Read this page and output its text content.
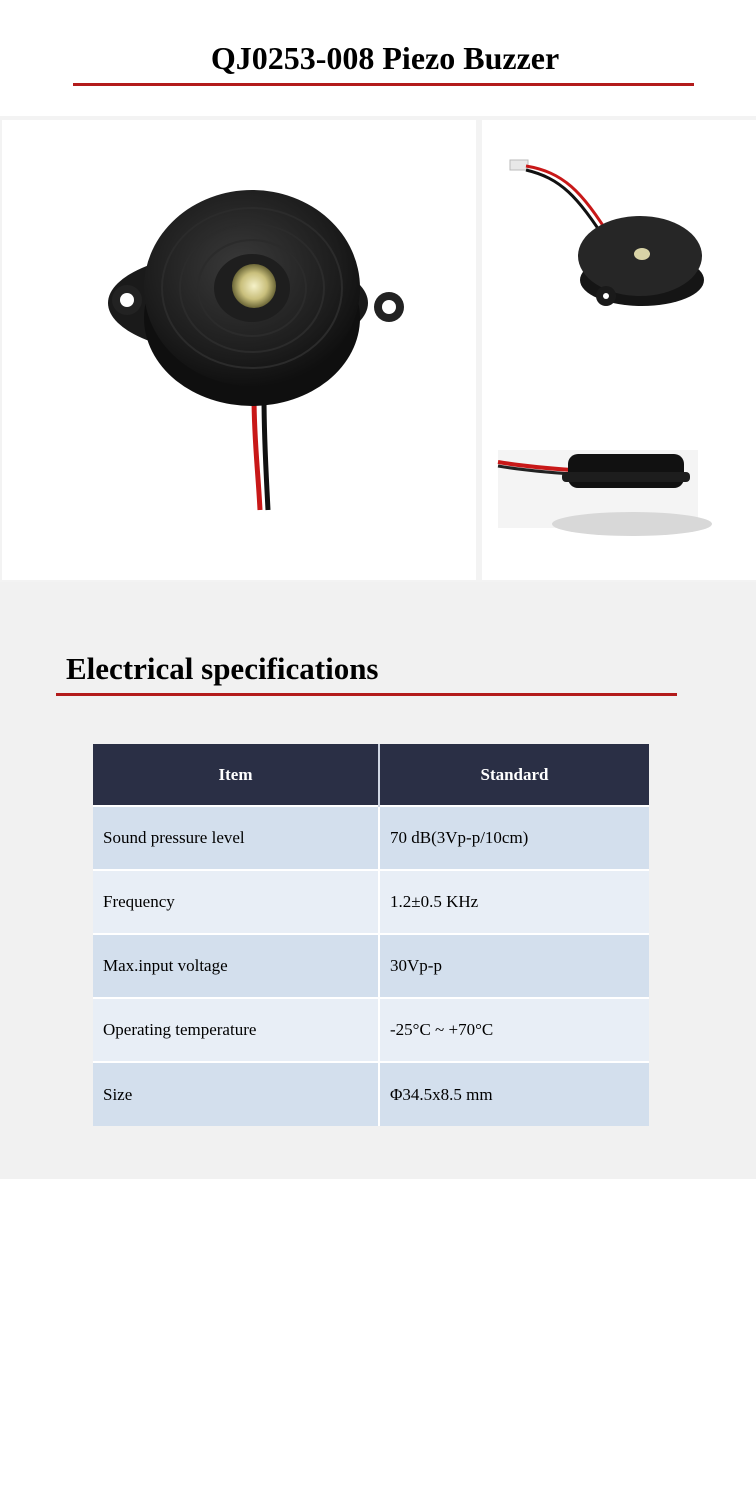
QJ0253-008 Piezo Buzzer
Electrical specifications
Item	Standard
Sound pressure level	70 dB(3Vp-p/10cm)
Frequency	1.2±0.5 KHz
Max.input voltage	30Vp-p
Operating temperature	-25°C ~ +70°C
Size	Φ34.5x8.5 mm
